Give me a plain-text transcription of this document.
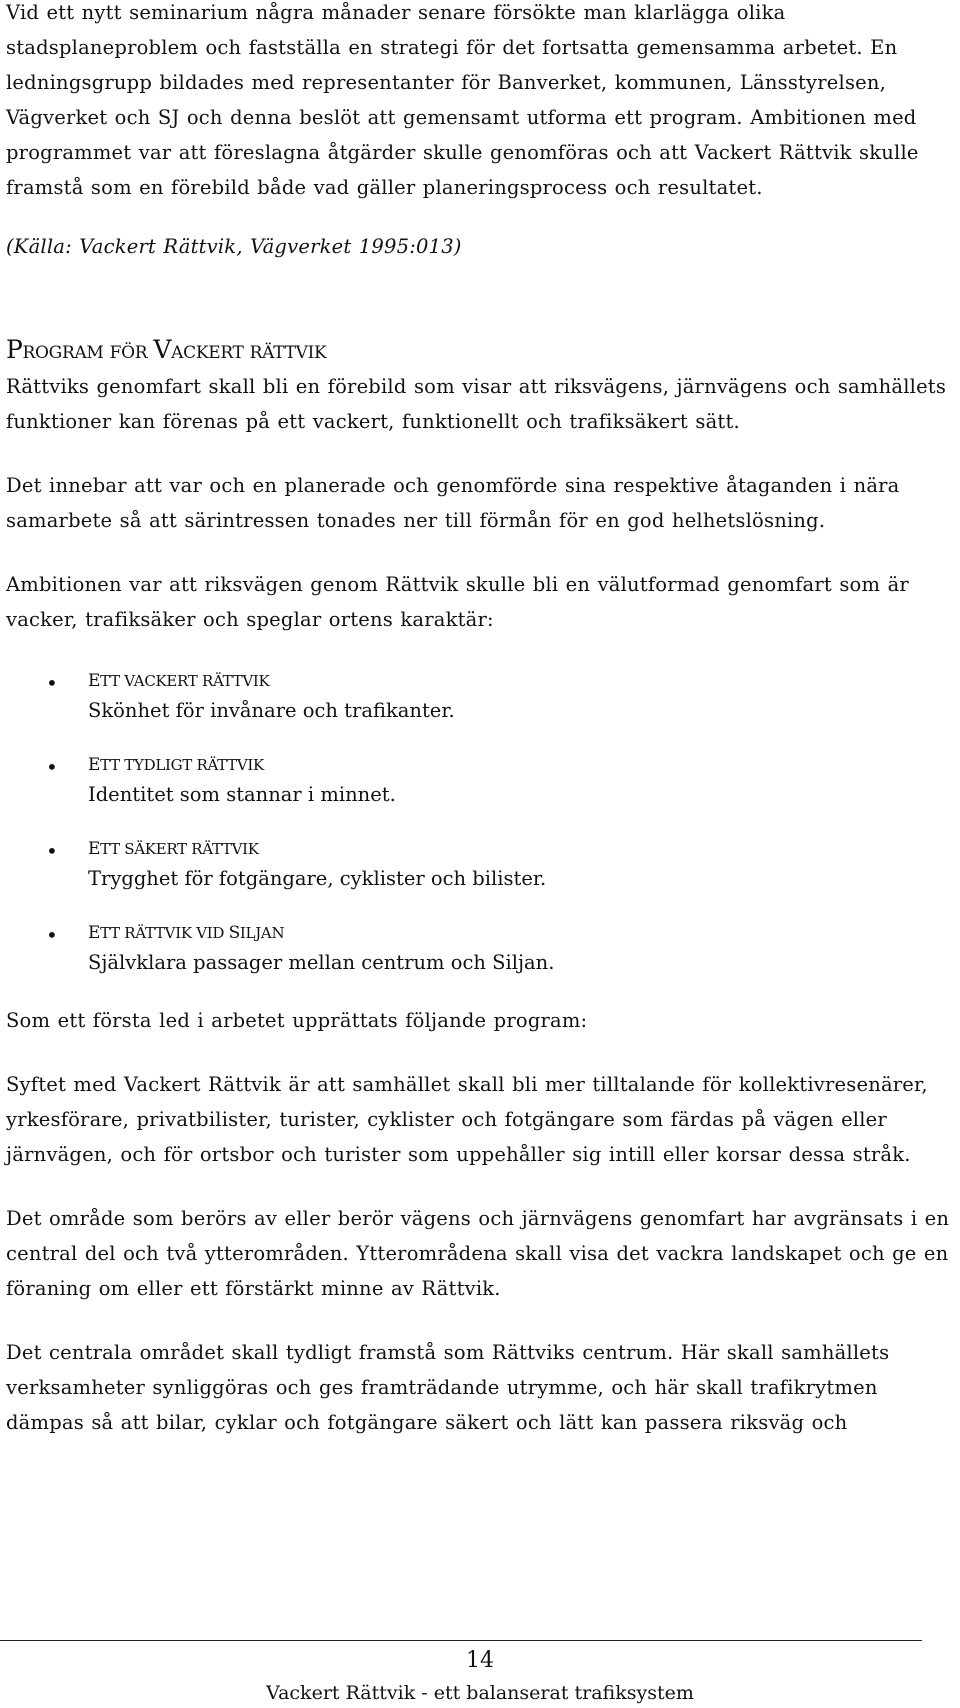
Vid ett nytt seminarium några månader senare försökte man klarlägga olika stadsplaneproblem och fastställa en strategi för det fortsatta gemensamma arbetet. En ledningsgrupp bildades med representanter för Banverket, kommunen, Länsstyrelsen, Vägverket och SJ och denna beslöt att gemensamt utforma ett program. Ambitionen med programmet var att föreslagna åtgärder skulle genomföras och att Vackert Rättvik skulle framstå som en förebild både vad gäller planeringsprocess och resultatet.

(Källa: Vackert Rättvik, Vägverket 1995:013)

PROGRAM FÖR VACKERT RÄTTVIK

Rättviks genomfart skall bli en förebild som visar att riksvägens, järnvägens och samhällets funktioner kan förenas på ett vackert, funktionellt och trafiksäkert sätt.

Det innebar att var och en planerade och genomförde sina respektive åtaganden i nära samarbete så att särintressen tonades ner till förmån för en god helhetslösning.

Ambitionen var att riksvägen genom Rättvik skulle bli en välutformad genomfart som är vacker, trafiksäker och speglar ortens karaktär:

• ETT VACKERT RÄTTVIK
Skönhet för invånare och trafikanter.
• ETT TYDLIGT RÄTTVIK
Identitet som stannar i minnet.
• ETT SÄKERT RÄTTVIK
Trygghet för fotgängare, cyklister och bilister.
• ETT RÄTTVIK VID SILJAN
Självklara passager mellan centrum och Siljan.

Som ett första led i arbetet upprättats följande program:

Syftet med Vackert Rättvik är att samhället skall bli mer tilltalande för kollektivresenärer, yrkesförare, privatbilister, turister, cyklister och fotgängare som färdas på vägen eller järnvägen, och för ortsbor och turister som uppehåller sig intill eller korsar dessa stråk.

Det område som berörs av eller berör vägens och järnvägens genomfart har avgränsats i en central del och två ytterområden. Ytterområdena skall visa det vackra landskapet och ge en föraning om eller ett förstärkt minne av Rättvik.

Det centrala området skall tydligt framstå som Rättviks centrum. Här skall samhällets verksamheter synliggöras och ges framträdande utrymme, och här skall trafikrytmen dämpas så att bilar, cyklar och fotgängare säkert och lätt kan passera riksväg och

14
Vackert Rättvik - ett balanserat trafiksystem
